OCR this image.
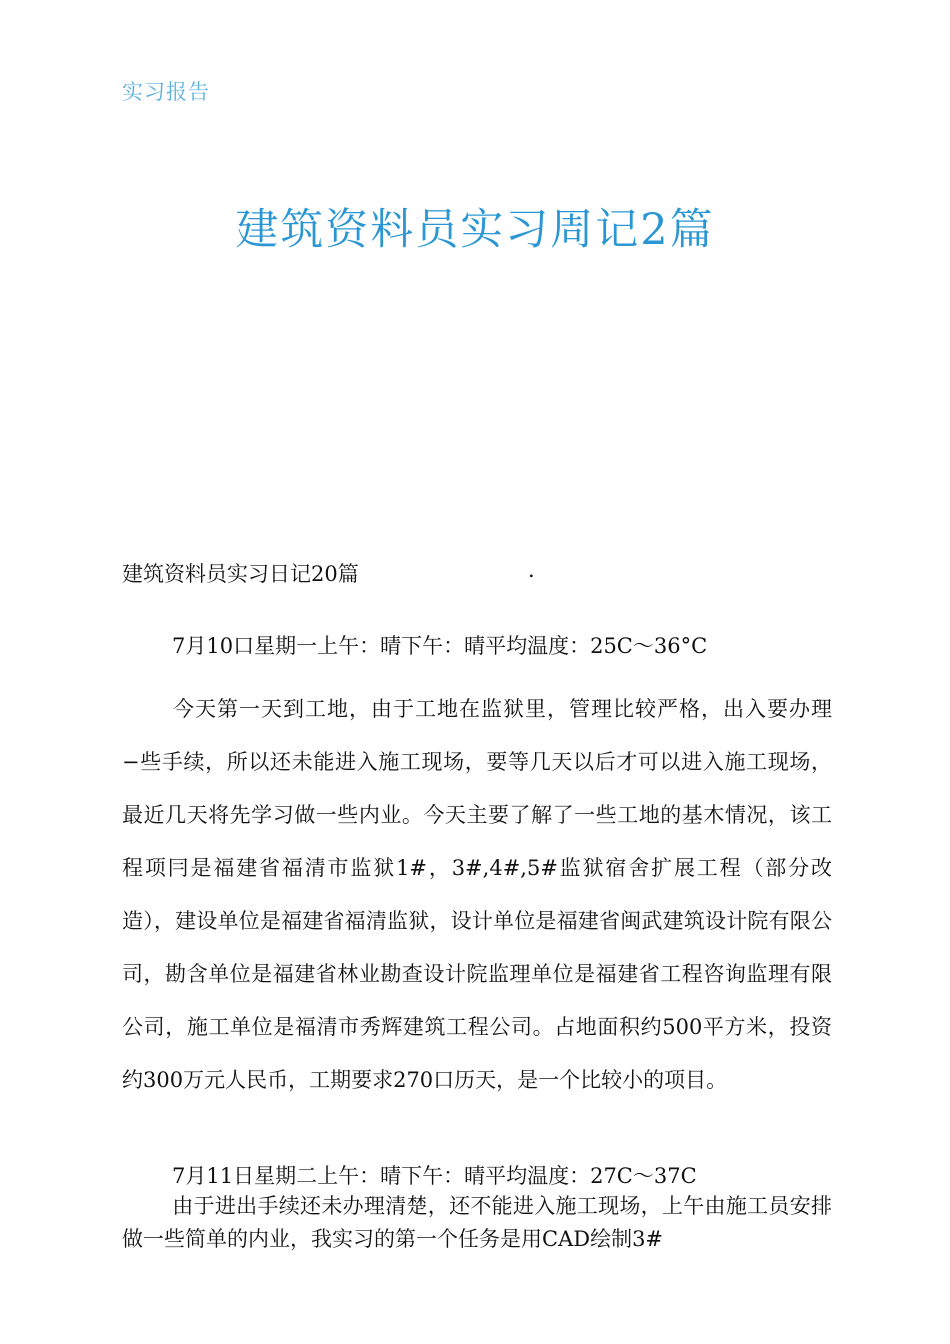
实习报告
建筑资料员实习周记2篇
建筑资料员实习日记20篇	.
7月10口星期一上午：晴下午：晴平均温度：25C〜36°C
今天第一天到工地，由于工地在监狱里，管理比较严格，出入要办理−些手续，所以还未能进入施工现场，要等几天以后才可以进入施工现场，最近几天将先学习做一些内业。今天主要了解了一些工地的基木情况，该工程项冃是福建省福清市监狱1#，3#,4#,5#监狱宿舍扩展工程（部分改造），建设单位是福建省福清监狱，设计单位是福建省闽武建筑设计院有限公司，勘含单位是福建省林业勘查设计院监理单位是福建省工程咨询监理有限公司，施工单位是福清市秀辉建筑工程公司。占地面积约500平方米，投资约300万元人民币，工期要求270口历天，是一个比较小的项目。
7月11日星期二上午：晴下午：晴平均温度：27C〜37C
由于进出手续还未办理清楚，还不能进入施工现场，上午由施工员安排做一些简单的内业，我实习的第一个任务是用CAD绘制3#
